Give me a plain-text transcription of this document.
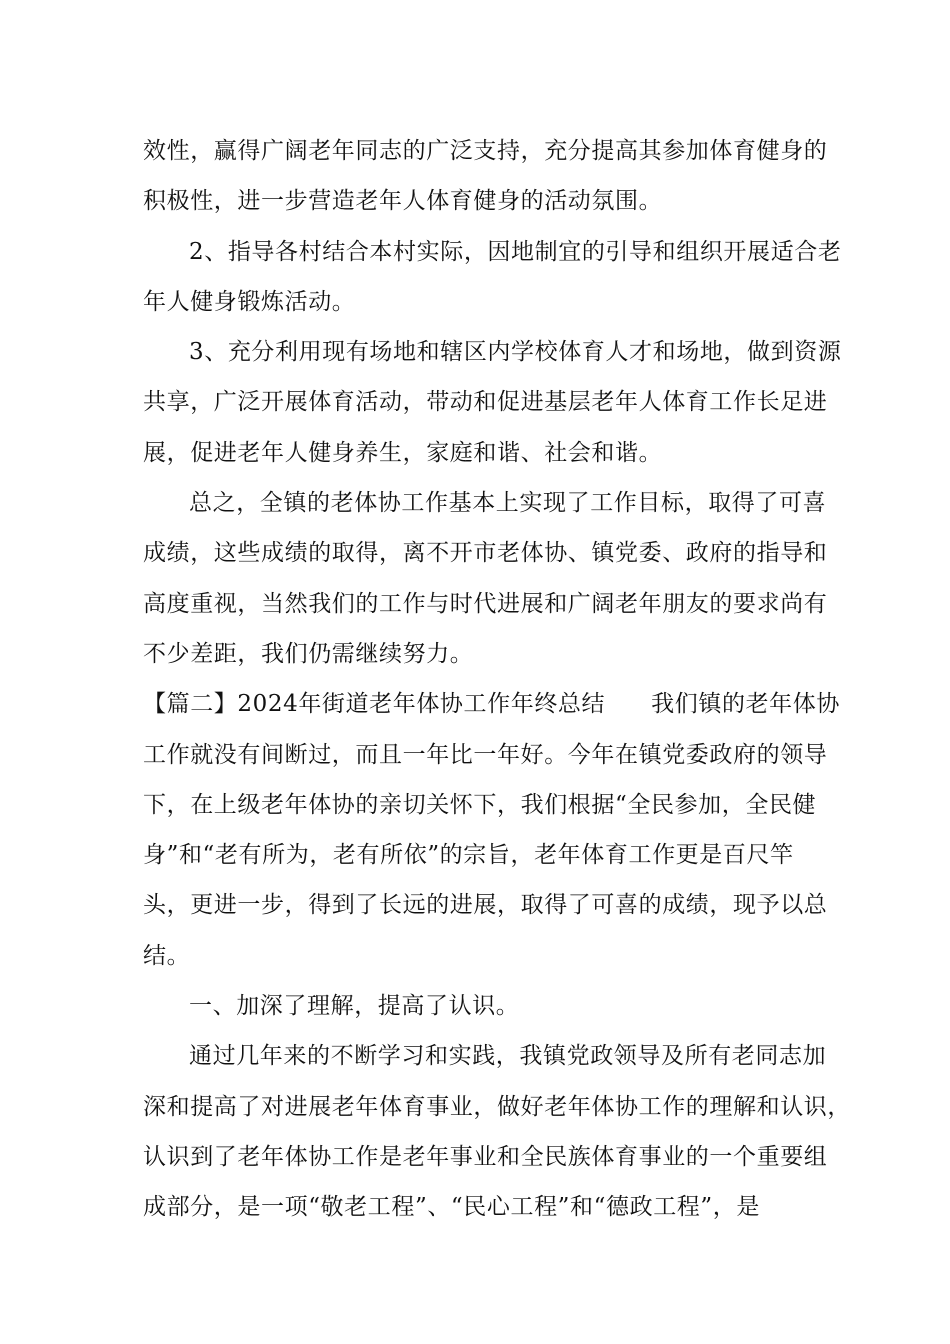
效性，赢得广阔老年同志的广泛支持，充分提高其参加体育健身的
积极性，进一步营造老年人体育健身的活动氛围。
2、指导各村结合本村实际，因地制宜的引导和组织开展适合老
年人健身锻炼活动。
3、充分利用现有场地和辖区内学校体育人才和场地，做到资源
共享，广泛开展体育活动，带动和促进基层老年人体育工作长足进
展，促进老年人健身养生，家庭和谐、社会和谐。
总之，全镇的老体协工作基本上实现了工作目标，取得了可喜
成绩，这些成绩的取得，离不开市老体协、镇党委、政府的指导和
高度重视，当然我们的工作与时代进展和广阔老年朋友的要求尚有
不少差距，我们仍需继续努力。
【篇二】2024年街道老年体协工作年终总结 我们镇的老年体协
工作就没有间断过，而且一年比一年好。今年在镇党委政府的领导
下，在上级老年体协的亲切关怀下，我们根据“全民参加，全民健
身”和“老有所为，老有所依”的宗旨，老年体育工作更是百尺竿
头，更进一步，得到了长远的进展，取得了可喜的成绩，现予以总
结。
一、加深了理解，提高了认识。
通过几年来的不断学习和实践，我镇党政领导及所有老同志加
深和提高了对进展老年体育事业，做好老年体协工作的理解和认识，
认识到了老年体协工作是老年事业和全民族体育事业的一个重要组
成部分，是一项“敬老工程”、“民心工程”和“德政工程”，是
